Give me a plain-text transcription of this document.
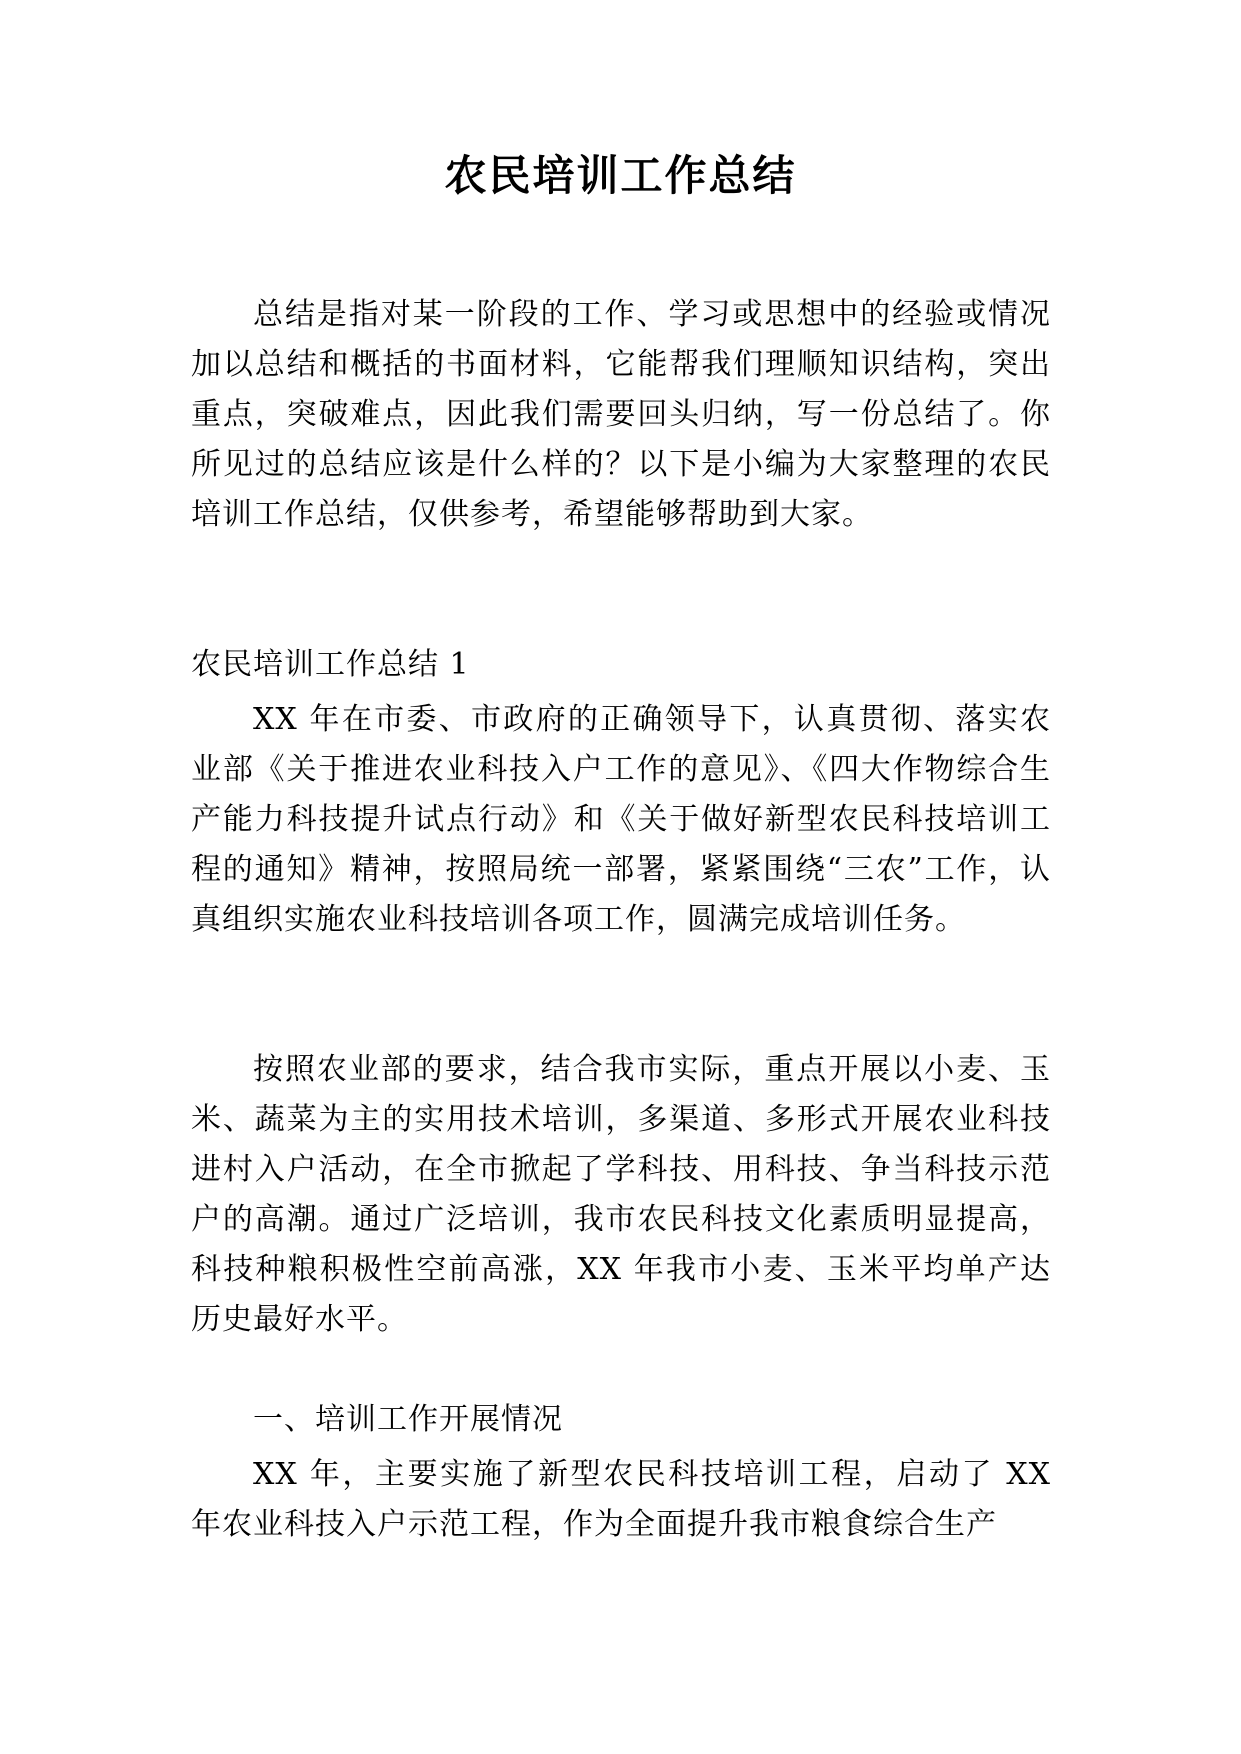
农民培训工作总结

总结是指对某一阶段的工作、学习或思想中的经验或情况加以总结和概括的书面材料，它能帮我们理顺知识结构，突出重点，突破难点，因此我们需要回头归纳，写一份总结了。你所见过的总结应该是什么样的？以下是小编为大家整理的农民培训工作总结，仅供参考，希望能够帮助到大家。

农民培训工作总结 1

XX 年在市委、市政府的正确领导下，认真贯彻、落实农业部《关于推进农业科技入户工作的意见》、《四大作物综合生产能力科技提升试点行动》和《关于做好新型农民科技培训工程的通知》精神，按照局统一部署，紧紧围绕“三农”工作，认真组织实施农业科技培训各项工作，圆满完成培训任务。

按照农业部的要求，结合我市实际，重点开展以小麦、玉米、蔬菜为主的实用技术培训，多渠道、多形式开展农业科技进村入户活动，在全市掀起了学科技、用科技、争当科技示范户的高潮。通过广泛培训，我市农民科技文化素质明显提高，科技种粮积极性空前高涨，XX 年我市小麦、玉米平均单产达历史最好水平。

一、培训工作开展情况

XX 年，主要实施了新型农民科技培训工程，启动了 XX 年农业科技入户示范工程，作为全面提升我市粮食综合生产
